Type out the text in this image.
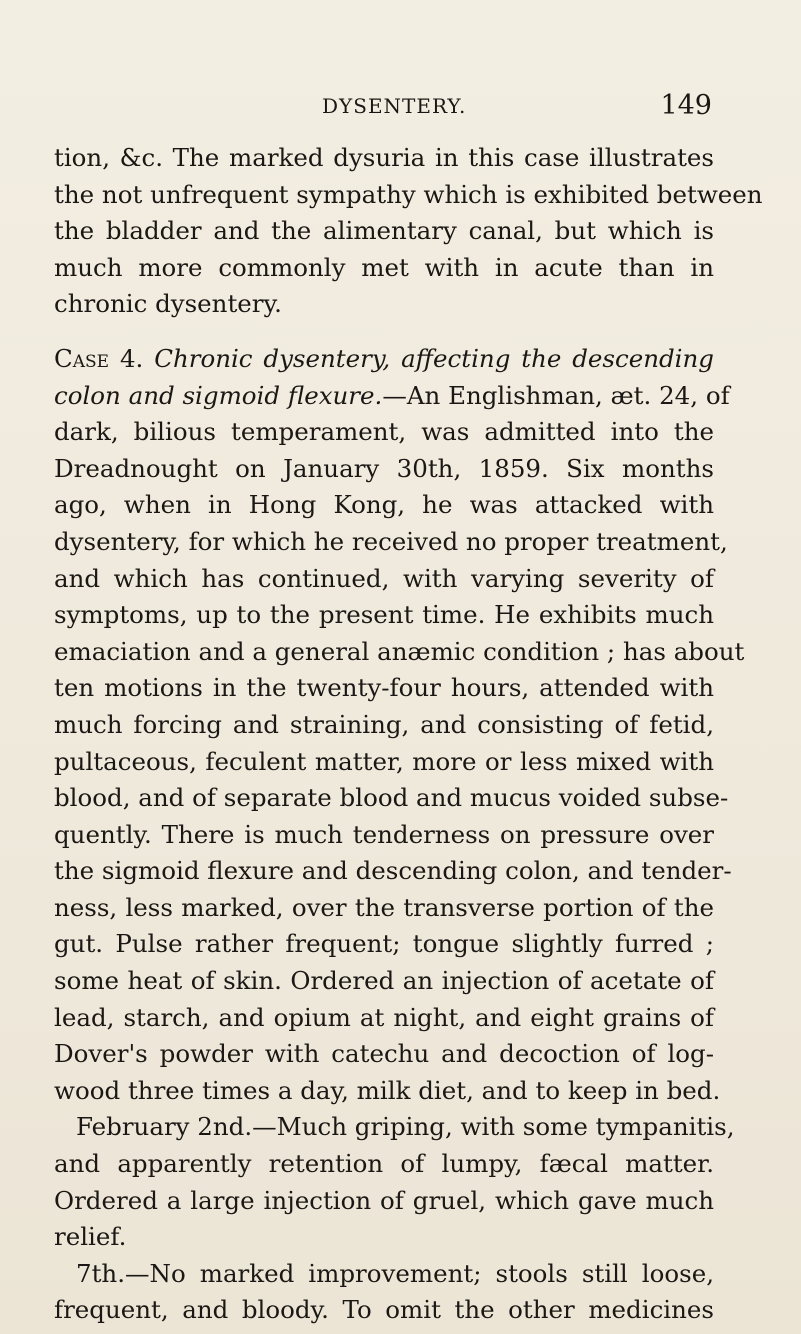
DYSENTERY.	149
tion, &c. The marked dysuria in this case illustrates
the not unfrequent sympathy which is exhibited between
the bladder and the alimentary canal, but which is
much more commonly met with in acute than in
chronic dysentery.
Case 4. Chronic dysentery, affecting the descending
colon and sigmoid flexure.—An Englishman, æt. 24, of
dark, bilious temperament, was admitted into the
Dreadnought on January 30th, 1859. Six months
ago, when in Hong Kong, he was attacked with
dysentery, for which he received no proper treatment,
and which has continued, with varying severity of
symptoms, up to the present time. He exhibits much
emaciation and a general anæmic condition ; has about
ten motions in the twenty-four hours, attended with
much forcing and straining, and consisting of fetid,
pultaceous, feculent matter, more or less mixed with
blood, and of separate blood and mucus voided subse-
quently. There is much tenderness on pressure over
the sigmoid flexure and descending colon, and tender-
ness, less marked, over the transverse portion of the
gut. Pulse rather frequent; tongue slightly furred ;
some heat of skin. Ordered an injection of acetate of
lead, starch, and opium at night, and eight grains of
Dover's powder with catechu and decoction of log-
wood three times a day, milk diet, and to keep in bed.
February 2nd.—Much griping, with some tympanitis,
and apparently retention of lumpy, fæcal matter.
Ordered a large injection of gruel, which gave much
relief.
7th.—No marked improvement; stools still loose,
frequent, and bloody. To omit the other medicines
